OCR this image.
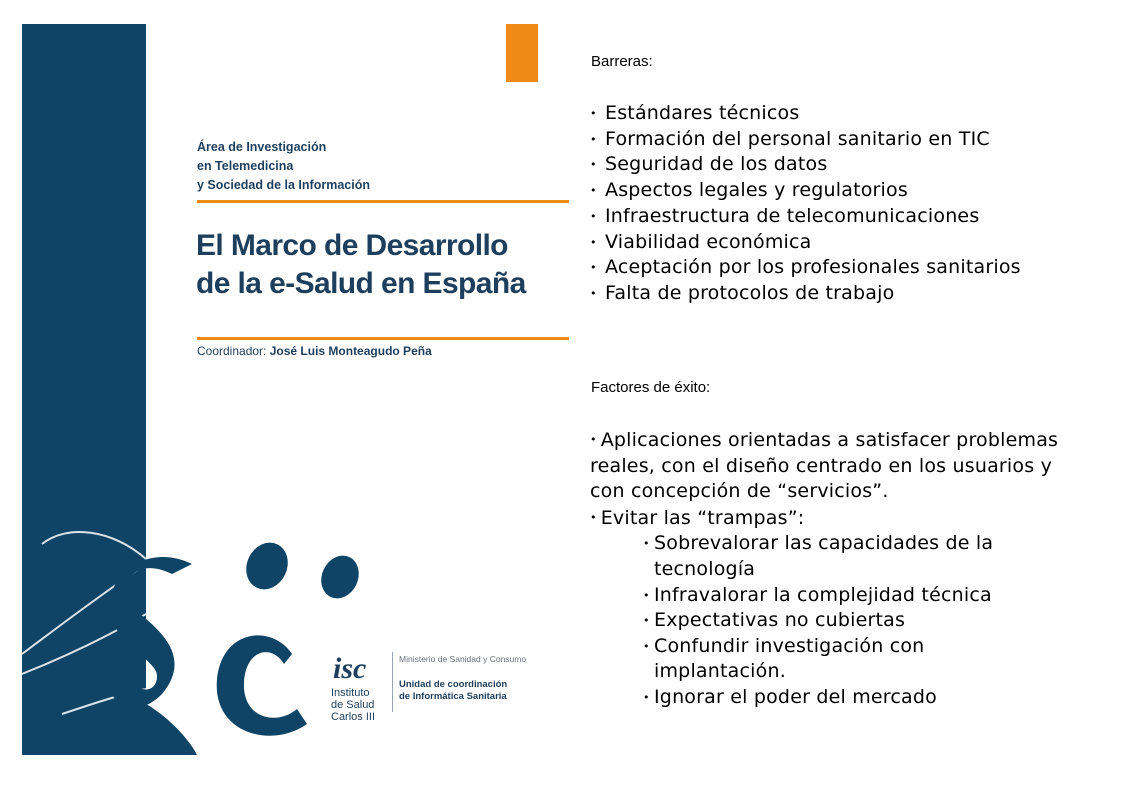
Área de Investigación
en Telemedicina
y Sociedad de la Información
El Marco de Desarrollo
de la e-Salud en España
Coordinador: José Luis Monteagudo Peña
isc
Instituto
de Salud
Carlos III
Ministerio de Sanidad y Consumo
Unidad de coordinación
de Informática Sanitaria
Barreras:
• Estándares técnicos
• Formación del personal sanitario en TIC
• Seguridad de los datos
• Aspectos legales y regulatorios
• Infraestructura de telecomunicaciones
• Viabilidad económica
• Aceptación por los profesionales sanitarios
• Falta de protocolos de trabajo
Factores de éxito:

• Aplicaciones orientadas a satisfacer problemas reales, con el diseño centrado en los usuarios y con concepción de “servicios”.

• Evitar las “trampas”:

• Sobrevalorar las capacidades de la
tecnología
• Infravalorar la complejidad técnica
• Expectativas no cubiertas
• Confundir investigación con
implantación.
• Ignorar el poder del mercado
